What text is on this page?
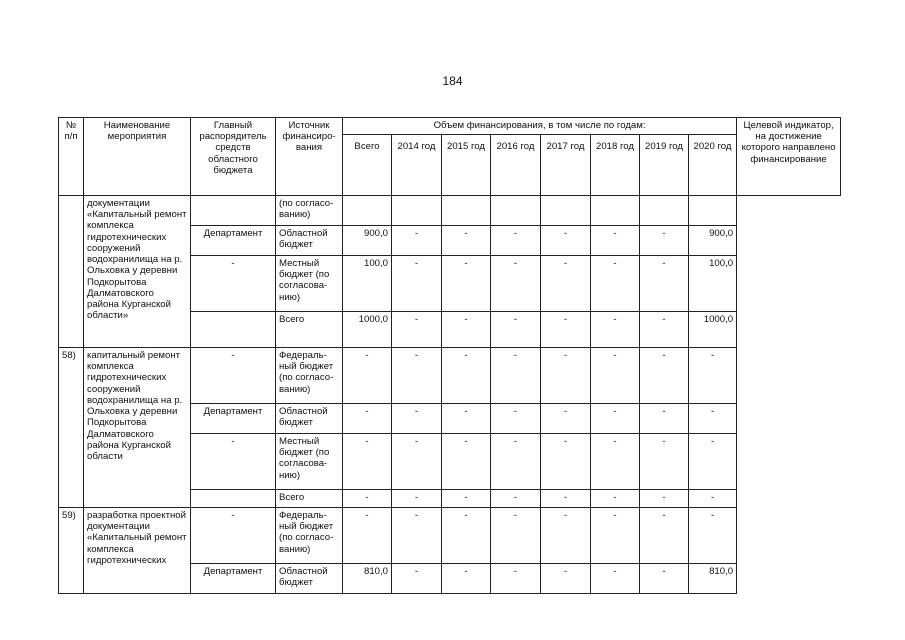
184
№ п/п	Наименование мероприятия	Главный распорядитель средств областного бюджета	Источник финансиро-вания	Объем финансирования, в том числе по годам:								Целевой индикатор, на достижение которого направлено финансирование
				Всего	2014 год	2015 год	2016 год	2017 год	2018 год	2019 год	2020 год	
	документации «Капитальный ремонт комплекса гидротехнических сооружений водохранилища на р. Ольховка у деревни Подкорытова Далматовского района Курганской области»		(по согласо-ванию)									
		Департамент	Областной бюджет	900,0	-	-	-	-	-	-	900,0	
		-	Местный бюджет (по согласова-нию)	100,0	-	-	-	-	-	-	100,0	
			Всего	1000,0	-	-	-	-	-	-	1000,0	
58)	капитальный ремонт комплекса гидротехнических сооружений водохранилища на р. Ольховка у деревни Подкорытова Далматовского района Курганской области	-	Федераль-ный бюджет (по согласо-ванию)	-	-	-	-	-	-	-	-	
		Департамент	Областной бюджет	-	-	-	-	-	-	-	-	
		-	Местный бюджет (по согласова-нию)	-	-	-	-	-	-	-	-	
			Всего	-	-	-	-	-	-	-	-	
59)	разработка проектной документации «Капитальный ремонт комплекса гидротехнических	-	Федераль-ный бюджет (по согласо-ванию)	-	-	-	-	-	-	-	-	
		Департамент	Областной бюджет	810,0	-	-	-	-	-	-	810,0	
